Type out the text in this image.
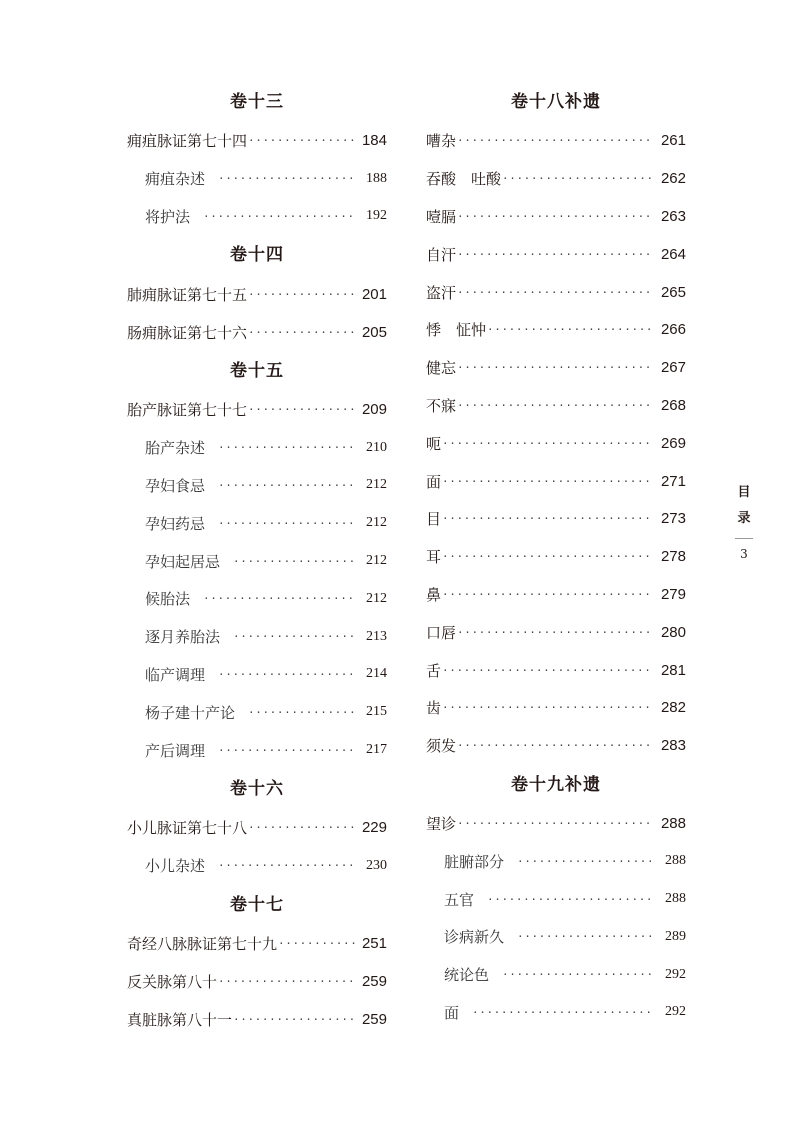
卷十三
痈疽脉证第七十四 ·····	184
痈疽杂述 ·····	188
将护法 ·····	192
卷十四
肺痈脉证第七十五 ·····	201
肠痈脉证第七十六 ·····	205
卷十五
胎产脉证第七十七 ·····	209
胎产杂述 ·····	210
孕妇食忌 ·····	212
孕妇药忌 ·····	212
孕妇起居忌 ·····	212
候胎法 ·····	212
逐月养胎法 ·····	213
临产调理 ·····	214
杨子建十产论 ·····	215
产后调理 ·····	217
卷十六
小儿脉证第七十八 ·····	229
小儿杂述 ·····	230
卷十七
奇经八脉脉证第七十九 ·····	251
反关脉第八十 ·····	259
真脏脉第八十一 ·····	259
卷十八补遗
嘈杂 ·····	261
吞酸　吐酸 ·····	262
噎膈 ·····	263
自汗 ·····	264
盗汗 ·····	265
悸　怔忡 ·····	266
健忘 ·····	267
不寐 ·····	268
呃 ·····	269
面 ·····	271
目 ·····	273
耳 ·····	278
鼻 ·····	279
口唇 ·····	280
舌 ·····	281
齿 ·····	282
须发 ·····	283
卷十九补遗
望诊 ·····	288
脏腑部分 ·····	288
五官 ·····	288
诊病新久 ·····	289
统论色 ·····	292
面 ·····	292
目
录
3
